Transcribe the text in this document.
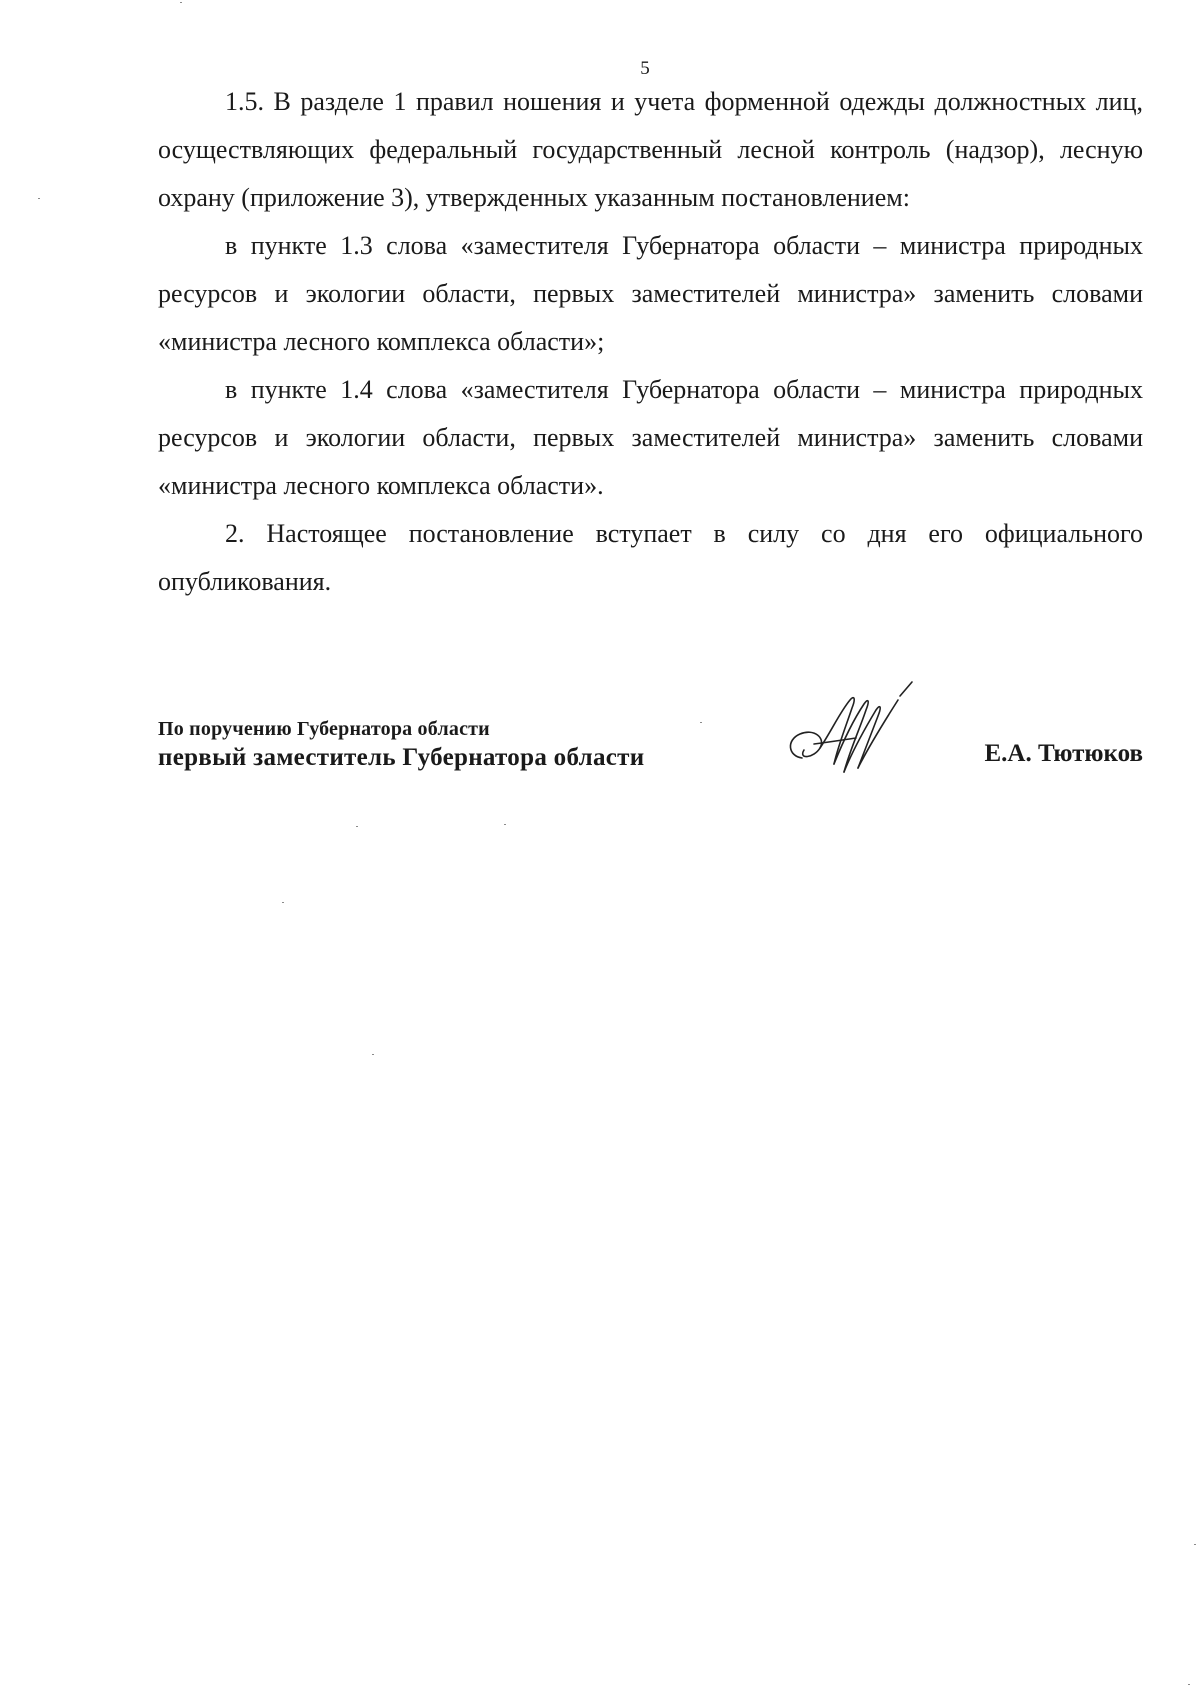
5

1.5. В разделе 1 правил ношения и учета форменной одежды должностных лиц, осуществляющих федеральный государственный лесной контроль (надзор), лесную охрану (приложение 3), утвержденных указанным постановлением:

в пункте 1.3 слова «заместителя Губернатора области – министра природных ресурсов и экологии области, первых заместителей министра» заменить словами «министра лесного комплекса области»;

в пункте 1.4 слова «заместителя Губернатора области – министра природных ресурсов и экологии области, первых заместителей министра» заменить словами «министра лесного комплекса области».

2. Настоящее постановление вступает в силу со дня его официального опубликования.

По поручению Губернатора области
первый заместитель Губернатора области	Е.А. Тютюков
